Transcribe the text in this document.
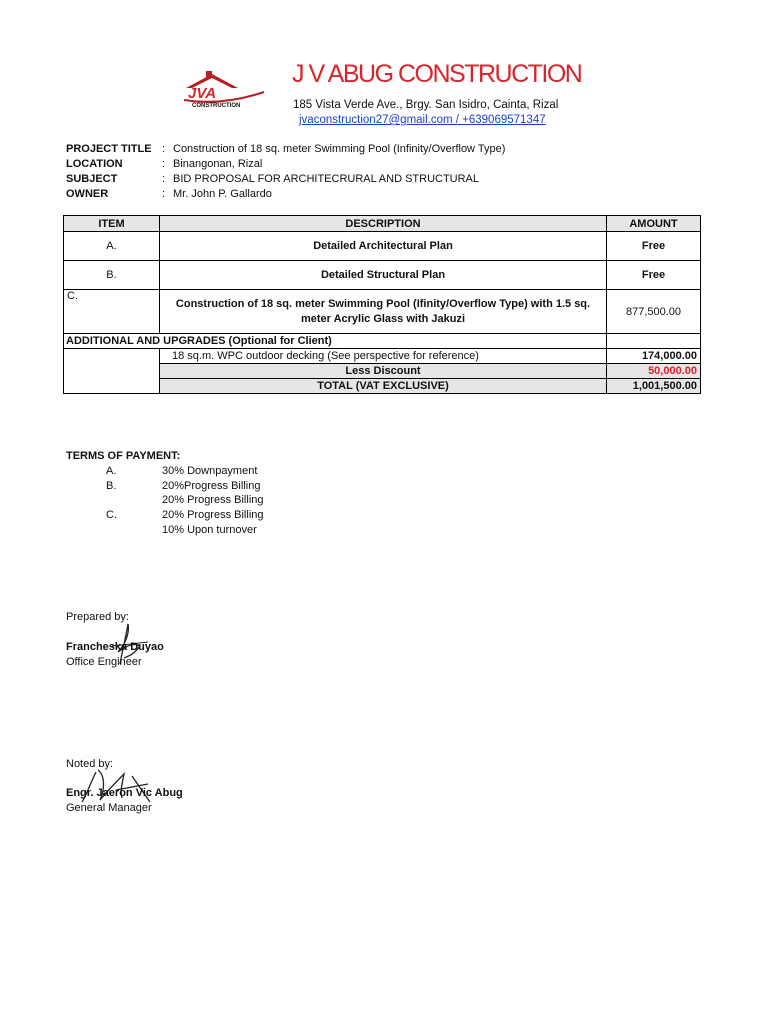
JVA
CONSTRUCTION
J V ABUG CONSTRUCTION
185 Vista Verde Ave., Brgy. San Isidro, Cainta, Rizal
jvaconstruction27@gmail.com / +639069571347
PROJECT TITLE : Construction of 18 sq. meter Swimming Pool (Infinity/Overflow Type)
LOCATION	: Binangonan, Rizal
SUBJECT	: BID PROPOSAL FOR ARCHITECRURAL AND STRUCTURAL
OWNER	: Mr. John P. Gallardo
ITEM	DESCRIPTION	AMOUNT
A.	Detailed Architectural Plan	Free
B.	Detailed Structural Plan	Free
C.	Construction of 18 sq. meter Swimming Pool (Ifinity/Overflow Type) with 1.5 sq. meter Acrylic Glass with Jakuzi	877,500.00
ADDITIONAL AND UPGRADES (Optional for Client)		
	18 sq.m. WPC outdoor decking (See perspective for reference)	174,000.00
	Less Discount	50,000.00
	TOTAL (VAT EXCLUSIVE)	1,001,500.00
TERMS OF PAYMENT:
A.	30% Downpayment
B.	20%Progress Billing
20% Progress Billing
C.	20% Progress Billing
10% Upon turnover
Prepared by:
Francheska Duyao
Office Engineer
Noted by:
Engr. Jaeron Vic Abug
General Manager
